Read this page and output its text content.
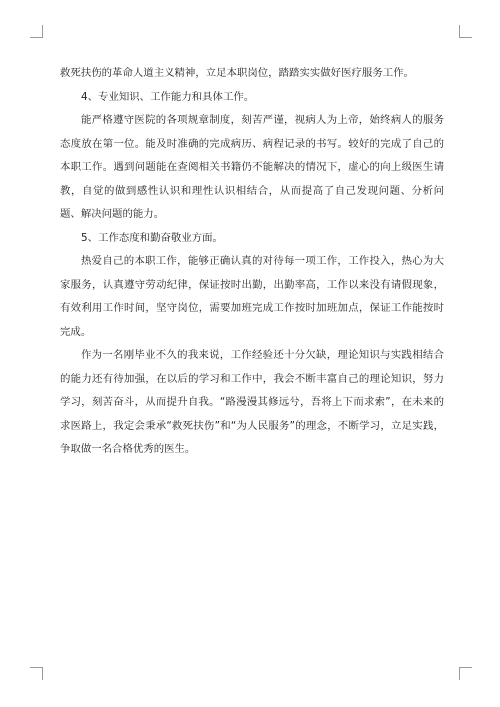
救死扶伤的革命人道主义精神，立足本职岗位，踏踏实实做好医疗服务工作。

4、专业知识、工作能力和具体工作。

能严格遵守医院的各项规章制度，刻苦严谨，视病人为上帝，始终病人的服务态度放在第一位。能及时准确的完成病历、病程记录的书写。较好的完成了自己的本职工作。遇到问题能在查阅相关书籍仍不能解决的情况下，虚心的向上级医生请教，自觉的做到感性认识和理性认识相结合，从而提高了自己发现问题、分析问题、解决问题的能力。

5、工作态度和勤奋敬业方面。

热爱自己的本职工作，能够正确认真的对待每一项工作，工作投入，热心为大家服务，认真遵守劳动纪律，保证按时出勤，出勤率高，工作以来没有请假现象，有效利用工作时间，坚守岗位，需要加班完成工作按时加班加点，保证工作能按时完成。

作为一名刚毕业不久的我来说，工作经验还十分欠缺，理论知识与实践相结合的能力还有待加强，在以后的学习和工作中，我会不断丰富自己的理论知识，努力学习，刻苦奋斗，从而提升自我。“路漫漫其修远兮，吾将上下而求索”，在未来的求医路上，我定会秉承“救死扶伤”和“为人民服务”的理念，不断学习，立足实践，争取做一名合格优秀的医生。
